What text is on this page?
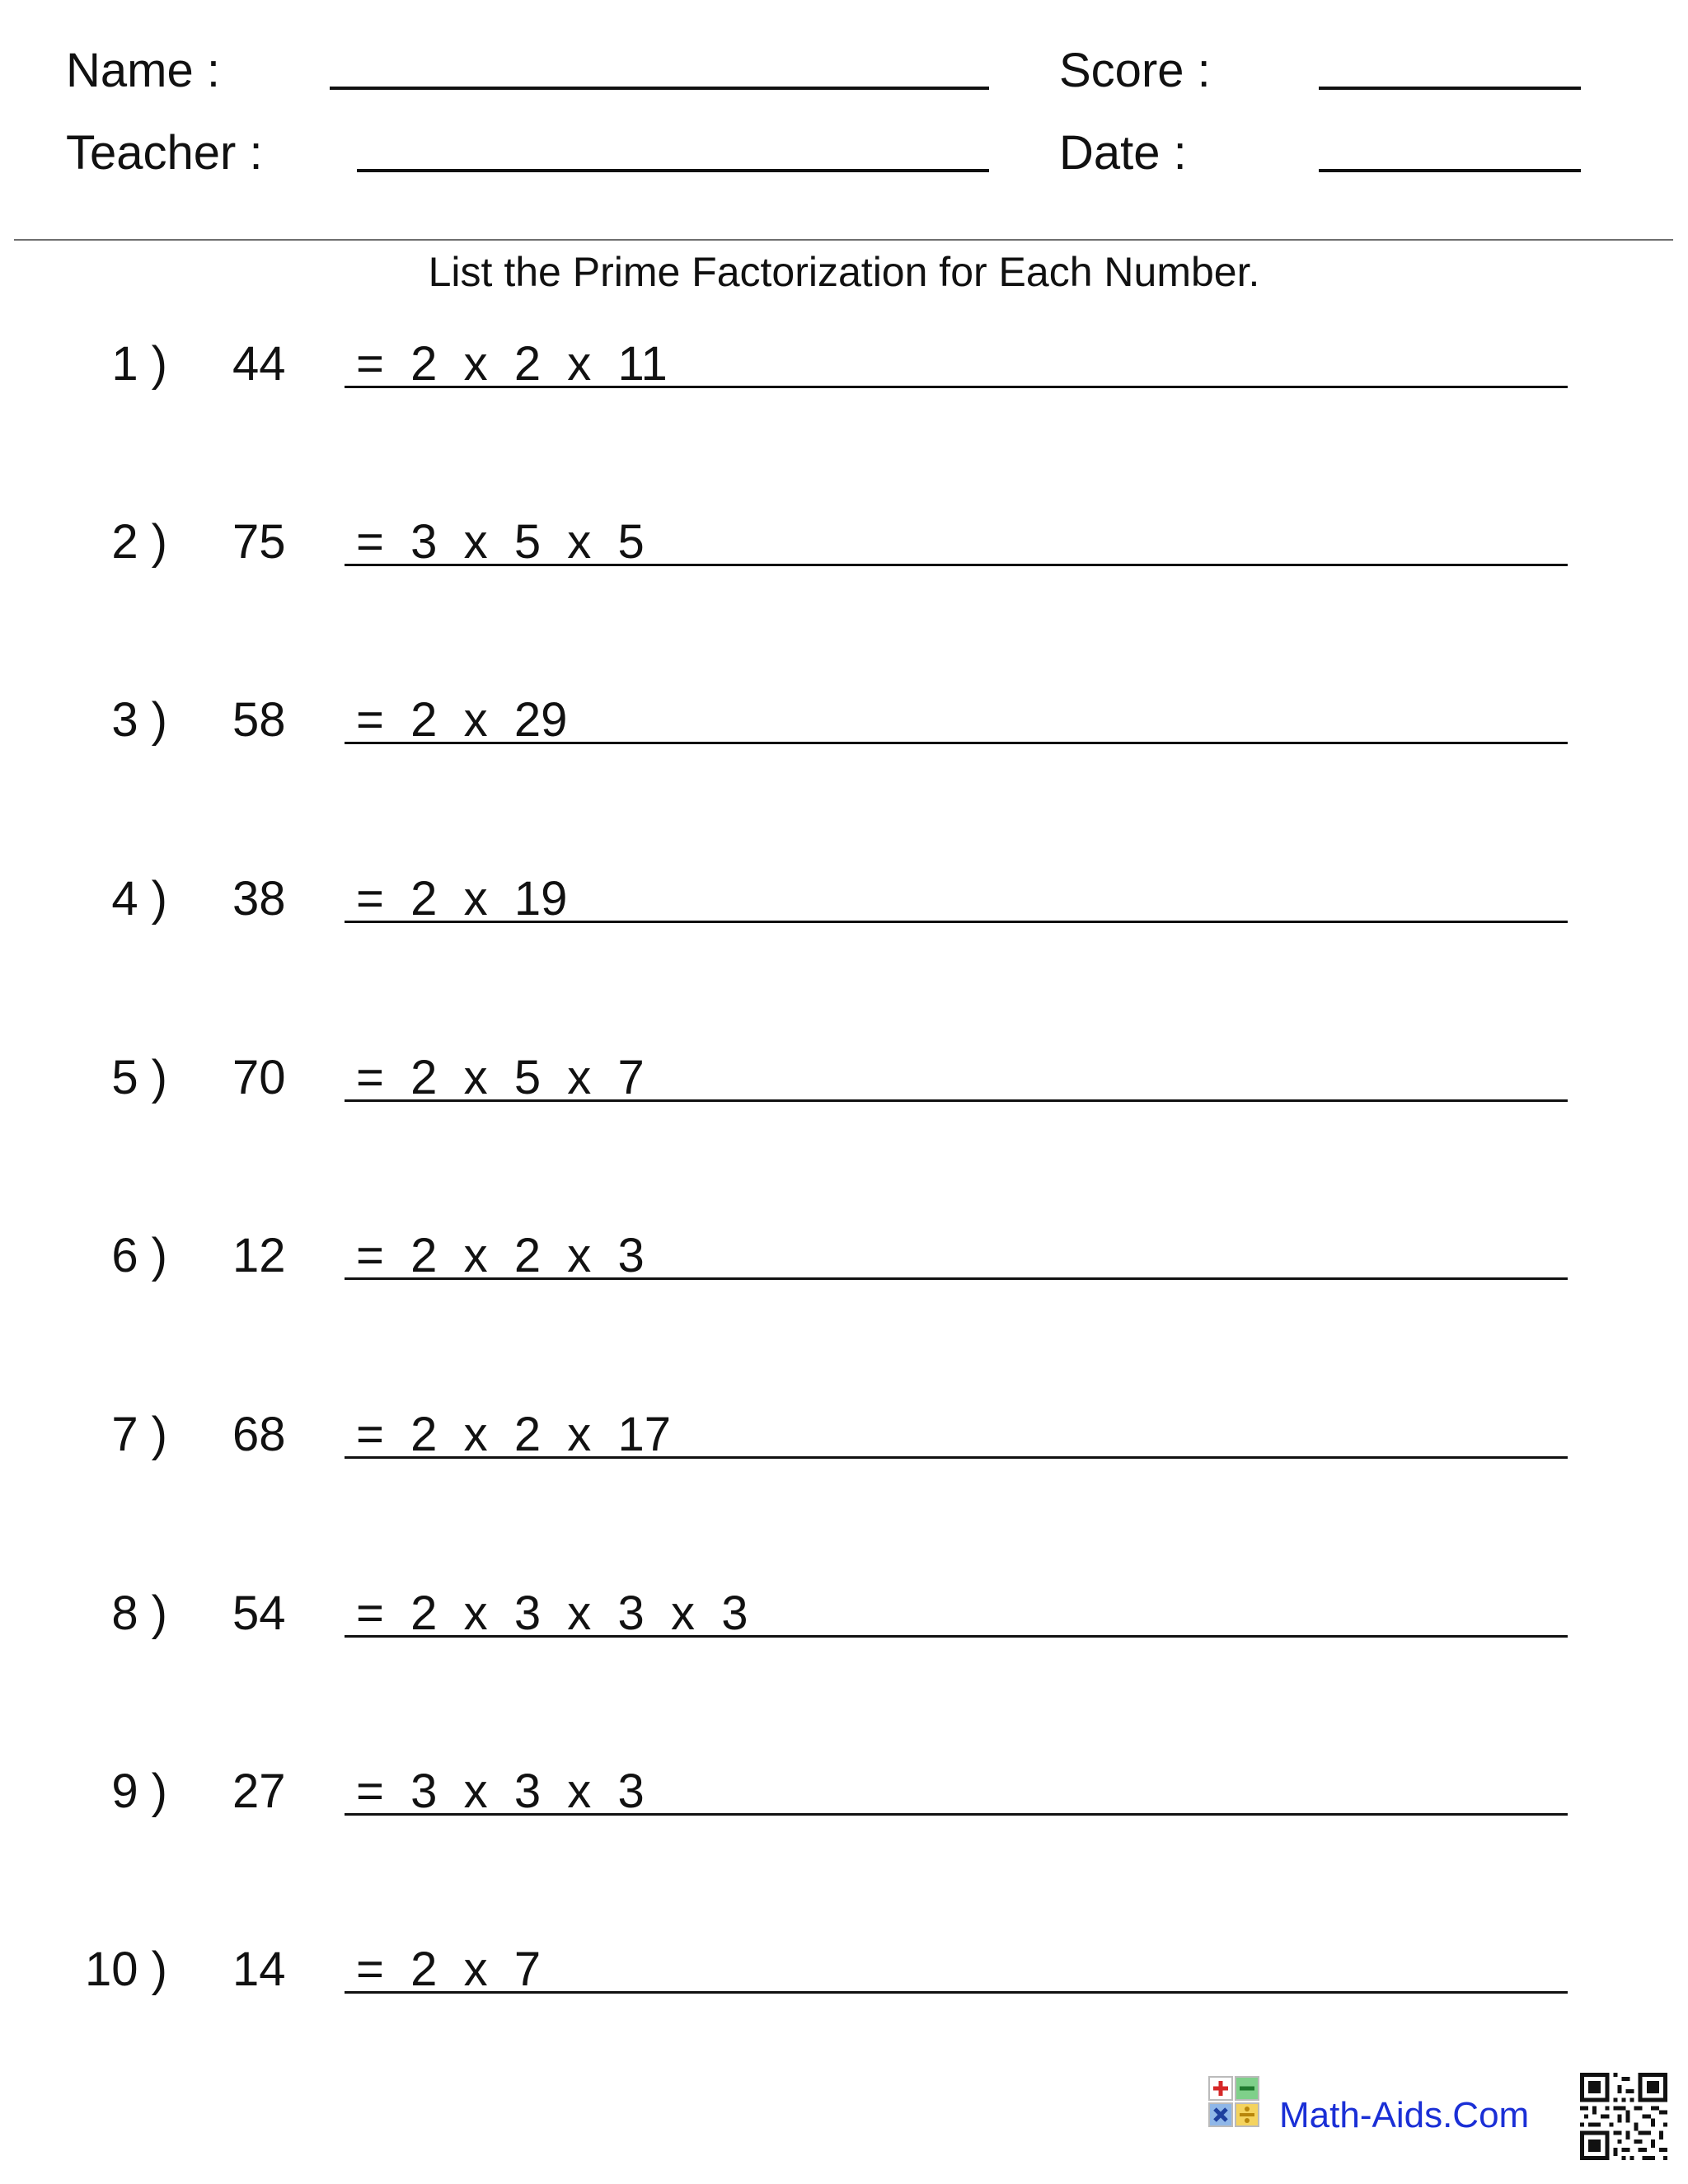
Name :	Score :
Teacher :	Date :
List the Prime Factorization for Each Number.
1 ) 44 =  2  x  2  x  11
2 ) 75 =  3  x  5  x  5
3 ) 58 =  2  x  29
4 ) 38 =  2  x  19
5 ) 70 =  2  x  5  x  7
6 ) 12 =  2  x  2  x  3
7 ) 68 =  2  x  2  x  17
8 ) 54 =  2  x  3  x  3  x  3
9 ) 27 =  3  x  3  x  3
10 ) 14 =  2  x  7
Math-Aids.Com
